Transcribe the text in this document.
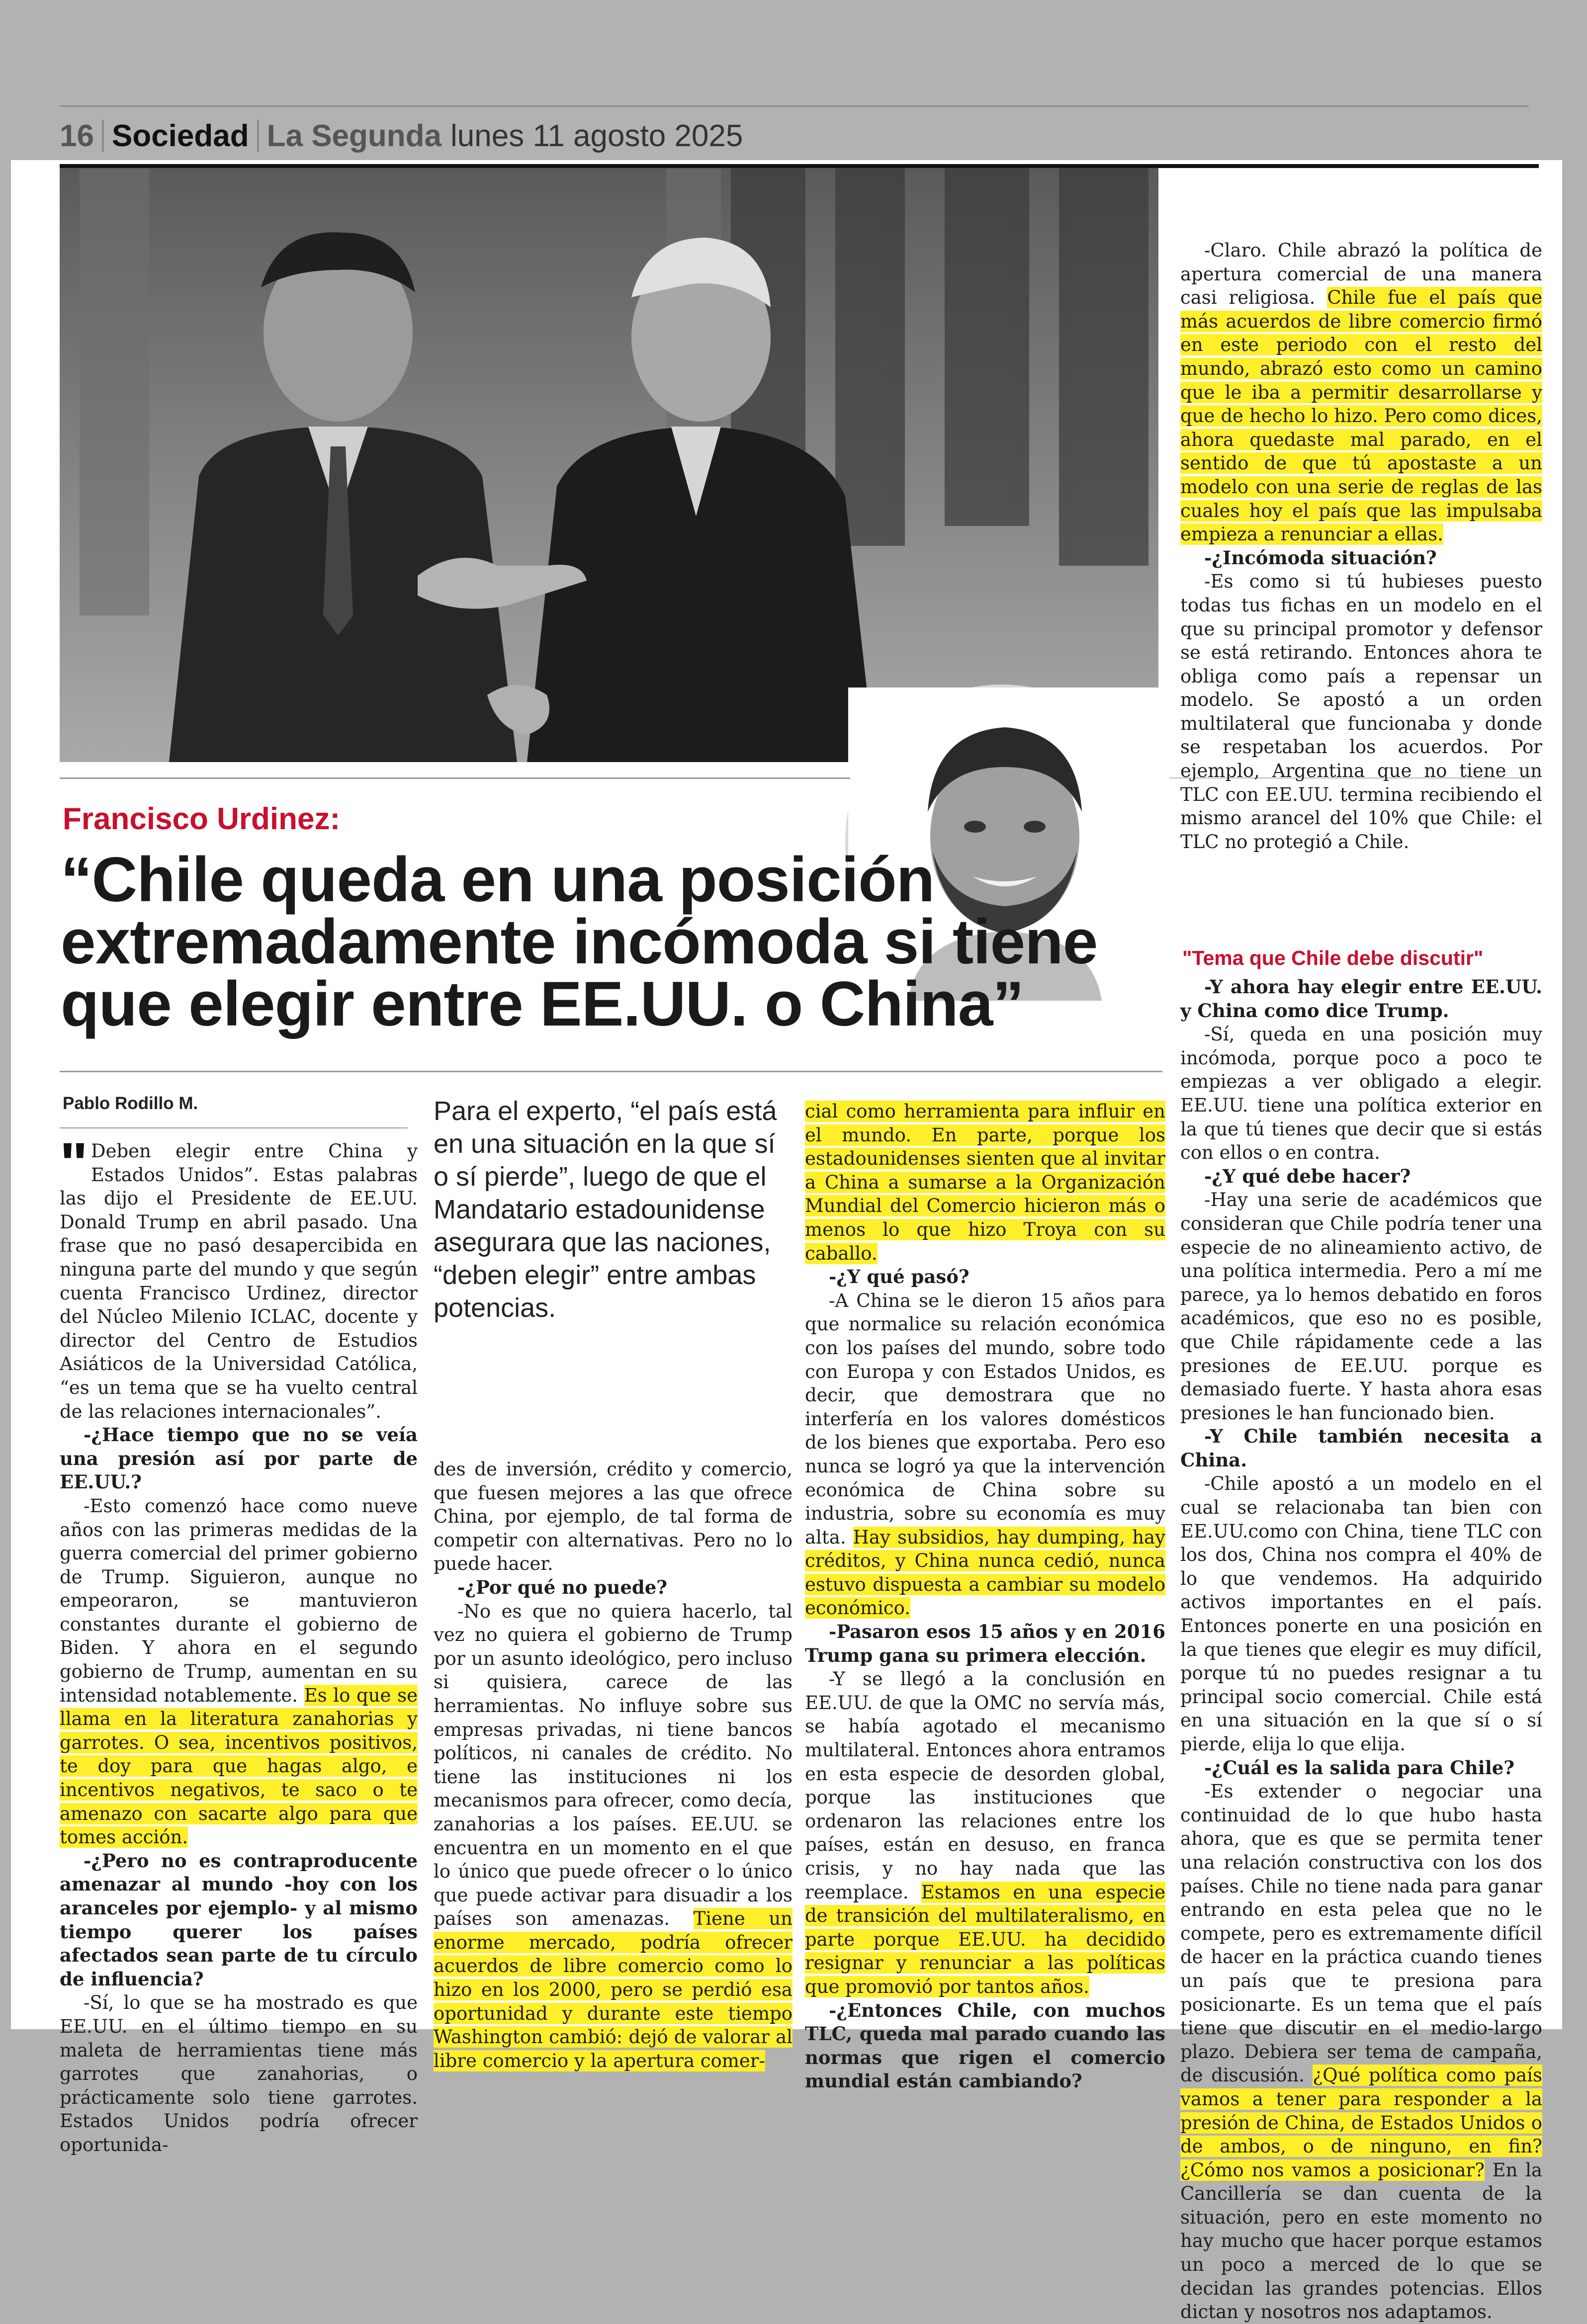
16 Sociedad La Segunda lunes 11 agosto 2025
Francisco Urdinez:
“Chile queda en una posición extremadamente incómoda si tiene que elegir entre EE.UU. o China”
Pablo Rodillo M.
" Deben elegir entre China y Estados Unidos”. Estas palabras las dijo el Presidente de EE.UU. Donald Trump en abril pasado. Una frase que no pasó desapercibida en ninguna parte del mundo y que según cuenta Francisco Urdinez, director del Núcleo Milenio ICLAC, docente y director del Centro de Estudios Asiáticos de la Universidad Católica, “es un tema que se ha vuelto central de las relaciones internacionales”.

-¿Hace tiempo que no se veía una presión así por parte de EE.UU.?

-Esto comenzó hace como nueve años con las primeras medidas de la guerra comercial del primer gobierno de Trump. Siguieron, aunque no empeoraron, se mantuvieron constantes durante el gobierno de Biden. Y ahora en el segundo gobierno de Trump, aumentan en su intensidad notablemente. Es lo que se llama en la literatura zanahorias y garrotes. O sea, incentivos positivos, te doy para que hagas algo, e incentivos negativos, te saco o te amenazo con sacarte algo para que tomes acción.

-¿Pero no es contraproducente amenazar al mundo -hoy con los aranceles por ejemplo- y al mismo tiempo querer los países afectados sean parte de tu círculo de influencia?

-Sí, lo que se ha mostrado es que EE.UU. en el último tiempo en su maleta de herramientas tiene más garrotes que zanahorias, o prácticamente solo tiene garrotes. Estados Unidos podría ofrecer oportunida-

Para el experto, “el país está en una situación en la que sí o sí pierde”, luego de que el Mandatario estadounidense asegurara que las naciones, “deben elegir” entre ambas potencias.

des de inversión, crédito y comercio, que fuesen mejores a las que ofrece China, por ejemplo, de tal forma de competir con alternativas. Pero no lo puede hacer.

-¿Por qué no puede?

-No es que no quiera hacerlo, tal vez no quiera el gobierno de Trump por un asunto ideológico, pero incluso si quisiera, carece de las herramientas. No influye sobre sus empresas privadas, ni tiene bancos políticos, ni canales de crédito. No tiene las instituciones ni los mecanismos para ofrecer, como decía, zanahorias a los países. EE.UU. se encuentra en un momento en el que lo único que puede ofrecer o lo único que puede activar para disuadir a los países son amenazas. Tiene un enorme mercado, podría ofrecer acuerdos de libre comercio como lo hizo en los 2000, pero se perdió esa oportunidad y durante este tiempo Washington cambió: dejó de valorar al libre comercio y la apertura comer-

cial como herramienta para influir en el mundo. En parte, porque los estadounidenses sienten que al invitar a China a sumarse a la Organización Mundial del Comercio hicieron más o menos lo que hizo Troya con su caballo.

-¿Y qué pasó?

-A China se le dieron 15 años para que normalice su relación económica con los países del mundo, sobre todo con Europa y con Estados Unidos, es decir, que demostrara que no interfería en los valores domésticos de los bienes que exportaba. Pero eso nunca se logró ya que la intervención económica de China sobre su industria, sobre su economía es muy alta. Hay subsidios, hay dumping, hay créditos, y China nunca cedió, nunca estuvo dispuesta a cambiar su modelo económico.

-Pasaron esos 15 años y en 2016 Trump gana su primera elección.

-Y se llegó a la conclusión en EE.UU. de que la OMC no servía más, se había agotado el mecanismo multilateral. Entonces ahora entramos en esta especie de desorden global, porque las instituciones que ordenaron las relaciones entre los países, están en desuso, en franca crisis, y no hay nada que las reemplace. Estamos en una especie de transición del multilateralismo, en parte porque EE.UU. ha decidido resignar y renunciar a las políticas que promovió por tantos años.

-¿Entonces Chile, con muchos TLC, queda mal parado cuando las normas que rigen el comercio mundial están cambiando?

-Claro. Chile abrazó la política de apertura comercial de una manera casi religiosa. Chile fue el país que más acuerdos de libre comercio firmó en este periodo con el resto del mundo, abrazó esto como un camino que le iba a permitir desarrollarse y que de hecho lo hizo. Pero como dices, ahora quedaste mal parado, en el sentido de que tú apostaste a un modelo con una serie de reglas de las cuales hoy el país que las impulsaba empieza a renunciar a ellas.

-¿Incómoda situación?

-Es como si tú hubieses puesto todas tus fichas en un modelo en el que su principal promotor y defensor se está retirando. Entonces ahora te obliga como país a repensar un modelo. Se apostó a un orden multilateral que funcionaba y donde se respetaban los acuerdos. Por ejemplo, Argentina que no tiene un TLC con EE.UU. termina recibiendo el mismo arancel del 10% que Chile: el TLC no protegió a Chile.

"Tema que Chile debe discutir"

-Y ahora hay elegir entre EE.UU. y China como dice Trump.

-Sí, queda en una posición muy incómoda, porque poco a poco te empiezas a ver obligado a elegir. EE.UU. tiene una política exterior en la que tú tienes que decir que si estás con ellos o en contra.

-¿Y qué debe hacer?

-Hay una serie de académicos que consideran que Chile podría tener una especie de no alineamiento activo, de una política intermedia. Pero a mí me parece, ya lo hemos debatido en foros académicos, que eso no es posible, que Chile rápidamente cede a las presiones de EE.UU. porque es demasiado fuerte. Y hasta ahora esas presiones le han funcionado bien.

-Y Chile también necesita a China.

-Chile apostó a un modelo en el cual se relacionaba tan bien con EE.UU.como con China, tiene TLC con los dos, China nos compra el 40% de lo que vendemos. Ha adquirido activos importantes en el país. Entonces ponerte en una posición en la que tienes que elegir es muy difícil, porque tú no puedes resignar a tu principal socio comercial. Chile está en una situación en la que sí o sí pierde, elija lo que elija.

-¿Cuál es la salida para Chile?

-Es extender o negociar una continuidad de lo que hubo hasta ahora, que es que se permita tener una relación constructiva con los dos países. Chile no tiene nada para ganar entrando en esta pelea que no le compete, pero es extremamente difícil de hacer en la práctica cuando tienes un país que te presiona para posicionarte. Es un tema que el país tiene que discutir en el medio-largo plazo. Debiera ser tema de campaña, de discusión. ¿Qué política como país vamos a tener para responder a la presión de China, de Estados Unidos o de ambos, o de ninguno, en fin? ¿Cómo nos vamos a posicionar? En la Cancillería se dan cuenta de la situación, pero en este momento no hay mucho que hacer porque estamos un poco a merced de lo que se decidan las grandes potencias. Ellos dictan y nosotros nos adaptamos.
